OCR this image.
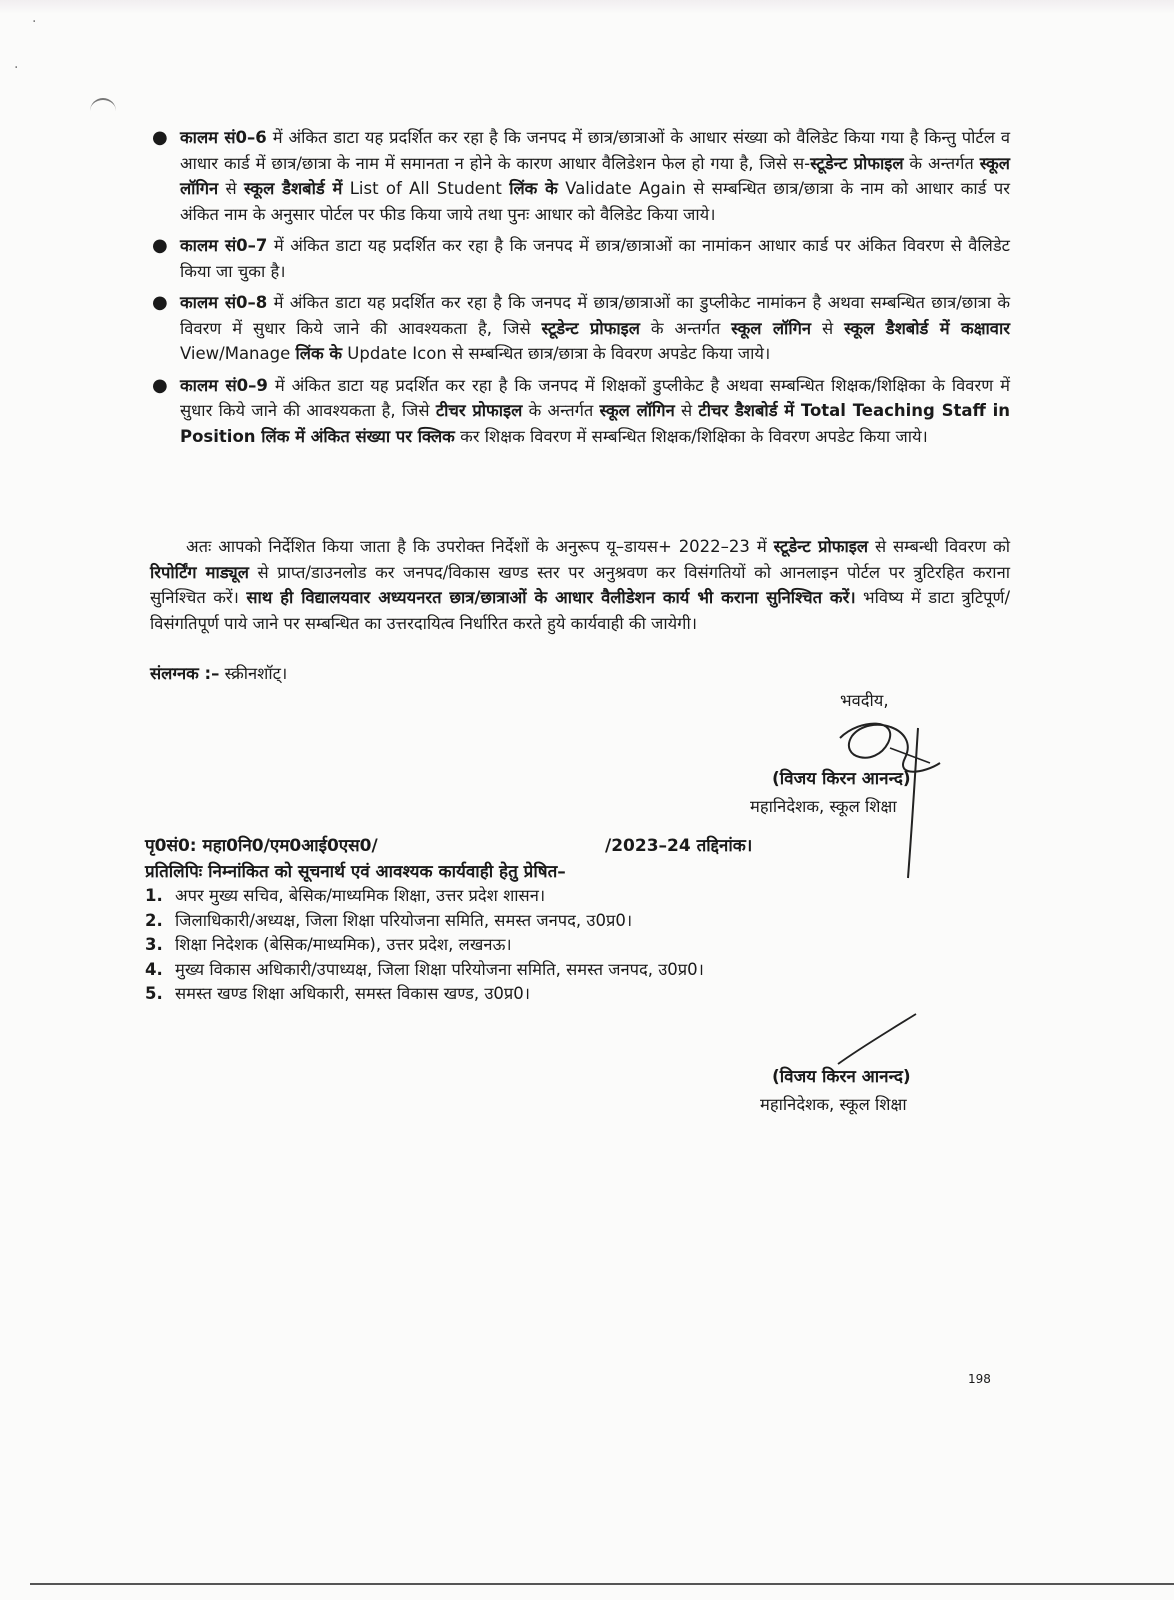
·
·
● कालम सं0–6 में अंकित डाटा यह प्रदर्शित कर रहा है कि जनपद में छात्र/छात्राओं के आधार संख्या को वैलिडेट किया गया है किन्तु पोर्टल व आधार कार्ड में छात्र/छात्रा के नाम में समानता न होने के कारण आधार वैलिडेशन फेल हो गया है, जिसे स-स्टूडेन्ट प्रोफाइल के अन्तर्गत स्कूल लॉगिन से स्कूल डैशबोर्ड में List of All Student लिंक के Validate Again से सम्बन्धित छात्र/छात्रा के नाम को आधार कार्ड पर अंकित नाम के अनुसार पोर्टल पर फीड किया जाये तथा पुनः आधार को वैलिडेट किया जाये।
● कालम सं0–7 में अंकित डाटा यह प्रदर्शित कर रहा है कि जनपद में छात्र/छात्राओं का नामांकन आधार कार्ड पर अंकित विवरण से वैलिडेट किया जा चुका है।
● कालम सं0–8 में अंकित डाटा यह प्रदर्शित कर रहा है कि जनपद में छात्र/छात्राओं का डुप्लीकेट नामांकन है अथवा सम्बन्धित छात्र/छात्रा के विवरण में सुधार किये जाने की आवश्यकता है, जिसे स्टूडेन्ट प्रोफाइल के अन्तर्गत स्कूल लॉगिन से स्कूल डैशबोर्ड में कक्षावार View/Manage लिंक के Update Icon से सम्बन्धित छात्र/छात्रा के विवरण अपडेट किया जाये।
● कालम सं0–9 में अंकित डाटा यह प्रदर्शित कर रहा है कि जनपद में शिक्षकों डुप्लीकेट है अथवा सम्बन्धित शिक्षक/शिक्षिका के विवरण में सुधार किये जाने की आवश्यकता है, जिसे टीचर प्रोफाइल के अन्तर्गत स्कूल लॉगिन से टीचर डैशबोर्ड में Total Teaching Staff in Position लिंक में अंकित संख्या पर क्लिक कर शिक्षक विवरण में सम्बन्धित शिक्षक/शिक्षिका के विवरण अपडेट किया जाये।

अतः आपको निर्देशित किया जाता है कि उपरोक्त निर्देशों के अनुरूप यू–डायस+ 2022–23 में स्टूडेन्ट प्रोफाइल से सम्बन्धी विवरण को रिपोर्टिंग माड्यूल से प्राप्त/डाउनलोड कर जनपद/विकास खण्ड स्तर पर अनुश्रवण कर विसंगतियों को आनलाइन पोर्टल पर त्रुटिरहित कराना सुनिश्चित करें। साथ ही विद्यालयवार अध्ययनरत छात्र/छात्राओं के आधार वैलीडेशन कार्य भी कराना सुनिश्चित करें। भविष्य में डाटा त्रुटिपूर्ण/विसंगतिपूर्ण पाये जाने पर सम्बन्धित का उत्तरदायित्व निर्धारित करते हुये कार्यवाही की जायेगी।

संलग्नक :– स्क्रीनशॉट्।
भवदीय,
(विजय किरन आनन्द)
महानिदेशक, स्कूल शिक्षा
पृ0सं0: महा0नि0/एम0आई0एस0/	/2023–24 तद्दिनांक।
प्रतिलिपिः निम्नांकित को सूचनार्थ एवं आवश्यक कार्यवाही हेतु प्रेषित–
1. अपर मुख्य सचिव, बेसिक/माध्यमिक शिक्षा, उत्तर प्रदेश शासन।
2. जिलाधिकारी/अध्यक्ष, जिला शिक्षा परियोजना समिति, समस्त जनपद, उ0प्र0।
3. शिक्षा निदेशक (बेसिक/माध्यमिक), उत्तर प्रदेश, लखनऊ।
4. मुख्य विकास अधिकारी/उपाध्यक्ष, जिला शिक्षा परियोजना समिति, समस्त जनपद, उ0प्र0।
5. समस्त खण्ड शिक्षा अधिकारी, समस्त विकास खण्ड, उ0प्र0।
(विजय किरन आनन्द)
महानिदेशक, स्कूल शिक्षा
198
